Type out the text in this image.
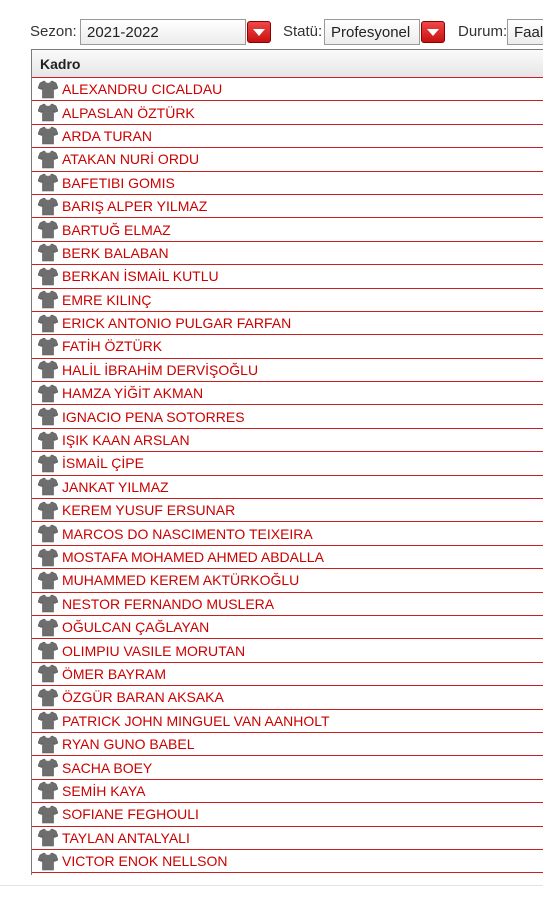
Sezon: 2021-2022	Statü: Profesyonel	Durum: Faal
Kadro
ALEXANDRU CICALDAU
ALPASLAN ÖZTÜRK
ARDA TURAN
ATAKAN NURİ ORDU
BAFETIBI GOMIS
BARIŞ ALPER YILMAZ
BARTUĞ ELMAZ
BERK BALABAN
BERKAN İSMAİL KUTLU
EMRE KILINÇ
ERICK ANTONIO PULGAR FARFAN
FATİH ÖZTÜRK
HALİL İBRAHİM DERVİŞOĞLU
HAMZA YİĞİT AKMAN
IGNACIO PENA SOTORRES
IŞIK KAAN ARSLAN
İSMAİL ÇİPE
JANKAT YILMAZ
KEREM YUSUF ERSUNAR
MARCOS DO NASCIMENTO TEIXEIRA
MOSTAFA MOHAMED AHMED ABDALLA
MUHAMMED KEREM AKTÜRKOĞLU
NESTOR FERNANDO MUSLERA
OĞULCAN ÇAĞLAYAN
OLIMPIU VASILE MORUTAN
ÖMER BAYRAM
ÖZGÜR BARAN AKSAKA
PATRICK JOHN MINGUEL VAN AANHOLT
RYAN GUNO BABEL
SACHA BOEY
SEMİH KAYA
SOFIANE FEGHOULI
TAYLAN ANTALYALI
VICTOR ENOK NELLSON
